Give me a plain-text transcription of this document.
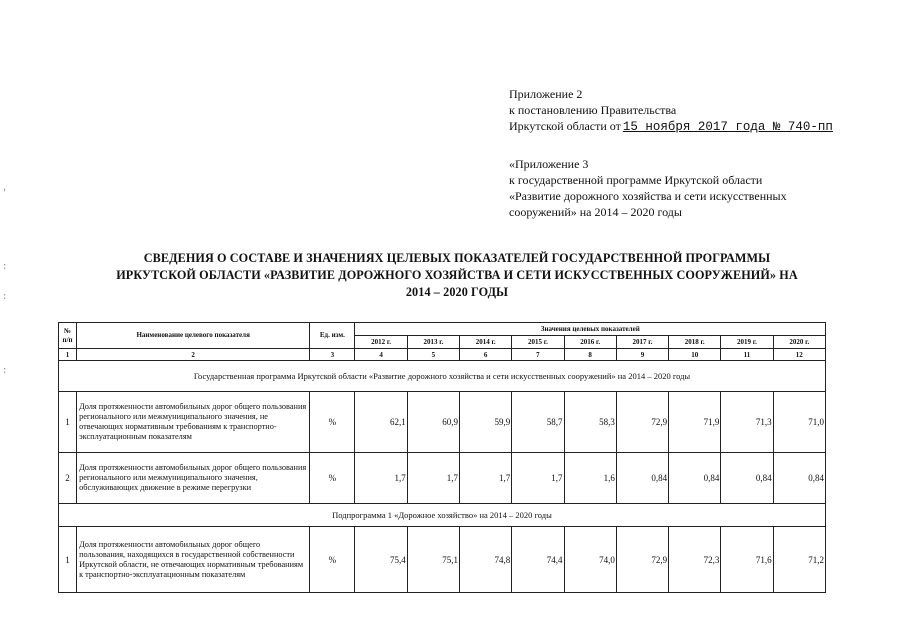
'
:
:
:
Приложение 2
к постановлению Правительства
Иркутской области от 15 ноября 2017 года № 740-пп
«Приложение 3
к государственной программе Иркутской области
«Развитие дорожного хозяйства и сети искусственных
сооружений» на 2014 – 2020 годы
СВЕДЕНИЯ О СОСТАВЕ И ЗНАЧЕНИЯХ ЦЕЛЕВЫХ ПОКАЗАТЕЛЕЙ ГОСУДАРСТВЕННОЙ ПРОГРАММЫ
ИРКУТСКОЙ ОБЛАСТИ «РАЗВИТИЕ ДОРОЖНОГО ХОЗЯЙСТВА И СЕТИ ИСКУССТВЕННЫХ СООРУЖЕНИЙ» НА
2014 – 2020 ГОДЫ
№ п/п	Наименование целевого показателя	Ед. изм.	Значения целевых показателей								
			2012 г.	2013 г.	2014 г.	2015 г.	2016 г.	2017 г.	2018 г.	2019 г.	2020 г.
1	2	3	4	5	6	7	8	9	10	11	12
Государственная программа Иркутской области «Развитие дорожного хозяйства и сети искусственных сооружений» на 2014 – 2020 годы											
1	Доля протяженности автомобильных дорог общего пользования регионального или межмуниципального значения, не отвечающих нормативным требованиям к транспортно-эксплуатационным показателям	%	62,1	60,9	59,9	58,7	58,3	72,9	71,9	71,3	71,0
2	Доля протяженности автомобильных дорог общего пользования регионального или межмуниципального значения, обслуживающих движение в режиме перегрузки	%	1,7	1,7	1,7	1,7	1,6	0,84	0,84	0,84	0,84
Подпрограмма 1 «Дорожное хозяйство» на 2014 – 2020 годы											
1	Доля протяженности автомобильных дорог общего пользования, находящихся в государственной собственности Иркутской области, не отвечающих нормативным требованиям к транспортно-эксплуатационным показателям	%	75,4	75,1	74,8	74,4	74,0	72,9	72,3	71,6	71,2
